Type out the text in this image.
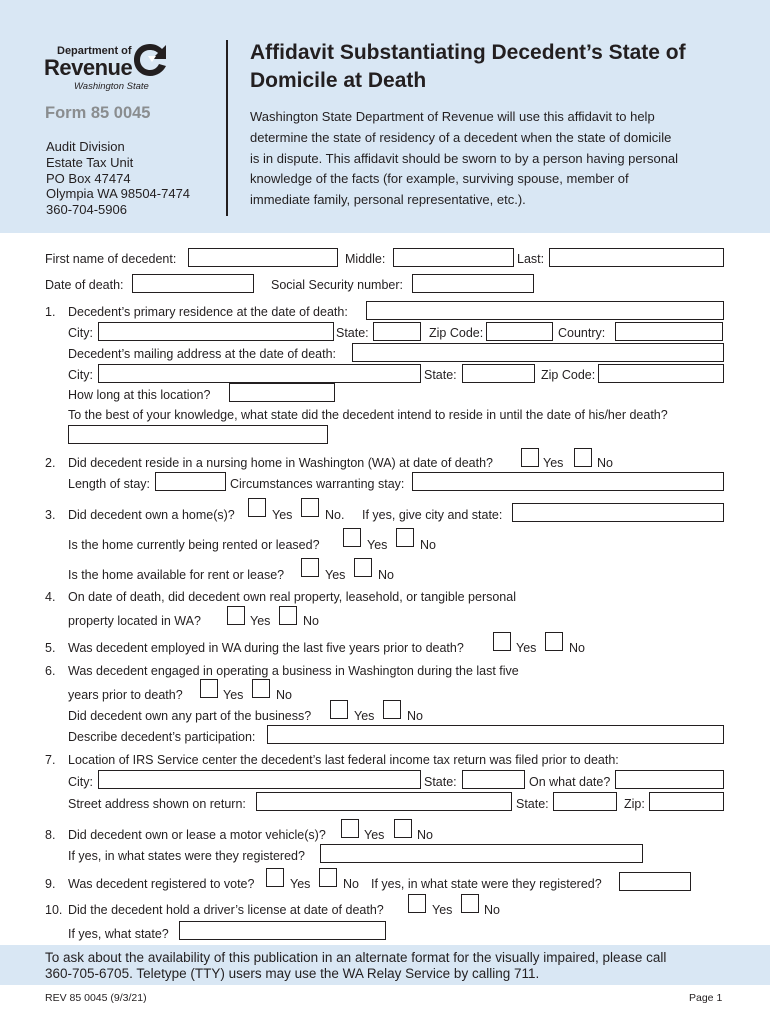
Department of
Revenue
Washington State
Form 85 0045
Audit Division
Estate Tax Unit
PO Box 47474
Olympia WA 98504-7474
360-704-5906
Affidavit Substantiating Decedent’s State of
Domicile at Death
Washington State Department of Revenue will use this affidavit to help
determine the state of residency of a decedent when the state of domicile
is in dispute. This affidavit should be sworn to by a person having personal
knowledge of the facts (for example, surviving spouse, member of
immediate family, personal representative, etc.).
First name of decedent:	Middle:	Last:
Date of death:	Social Security number:
1. Decedent’s primary residence at the date of death:
City:	State:	Zip Code:	Country:
Decedent’s mailing address at the date of death:
City:	State:	Zip Code:
How long at this location?
To the best of your knowledge, what state did the decedent intend to reside in until the date of his/her death?
2. Did decedent reside in a nursing home in Washington (WA) at date of death?	Yes	No
Length of stay:	Circumstances warranting stay:
3. Did decedent own a home(s)?	Yes	No. If yes, give city and state:
Is the home currently being rented or leased?	Yes	No
Is the home available for rent or lease?	Yes	No
4. On date of death, did decedent own real property, leasehold, or tangible personal
property located in WA?	Yes	No
5. Was decedent employed in WA during the last five years prior to death?	Yes	No
6. Was decedent engaged in operating a business in Washington during the last five
years prior to death?	Yes	No
Did decedent own any part of the business?	Yes	No
Describe decedent’s participation:
7. Location of IRS Service center the decedent’s last federal income tax return was filed prior to death:
City:	State:	On what date?
Street address shown on return:	State:	Zip:
8. Did decedent own or lease a motor vehicle(s)?	Yes	No
If yes, in what states were they registered?
9. Was decedent registered to vote?	Yes	No If yes, in what state were they registered?
10. Did the decedent hold a driver’s license at date of death?	Yes	No
If yes, what state?
To ask about the availability of this publication in an alternate format for the visually impaired, please call
360-705-6705. Teletype (TTY) users may use the WA Relay Service by calling 711.
REV 85 0045 (9/3/21)	Page 1
